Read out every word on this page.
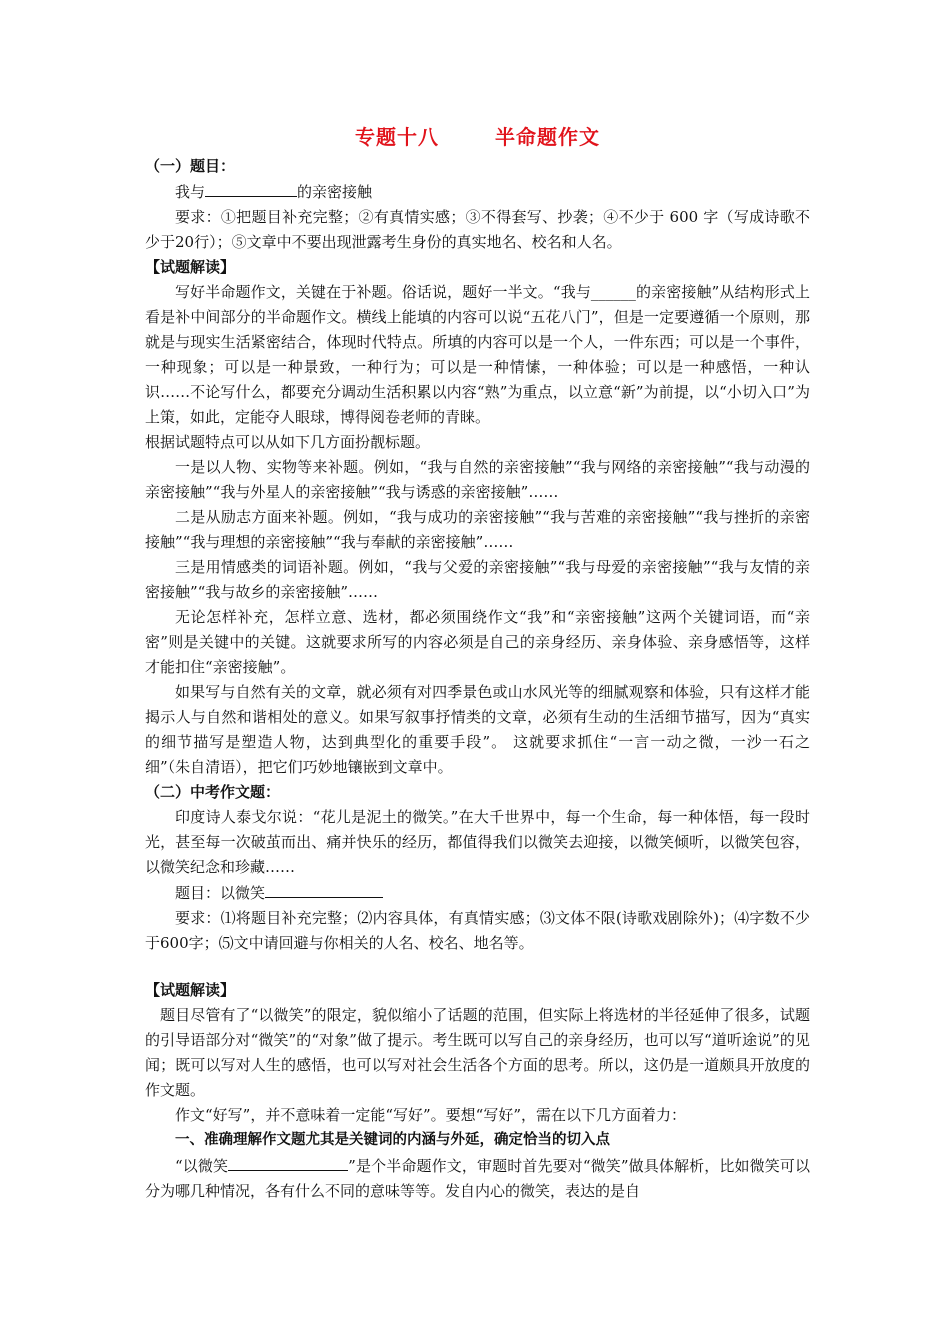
专题十八	半命题作文

（一）题目：

我与	的亲密接触

要求：①把题目补充完整；②有真情实感；③不得套写、抄袭；④不少于 600 字（写成诗歌不少于20行）；⑤文章中不要出现泄露考生身份的真实地名、校名和人名。

【试题解读】

写好半命题作文，关键在于补题。俗话说，题好一半文。“我与______的亲密接触”从结构形式上看是补中间部分的半命题作文。横线上能填的内容可以说“五花八门”，但是一定要遵循一个原则，那就是与现实生活紧密结合，体现时代特点。所填的内容可以是一个人，一件东西；可以是一个事件，一种现象；可以是一种景致，一种行为；可以是一种情愫，一种体验；可以是一种感悟，一种认识……不论写什么，都要充分调动生活积累以内容“熟”为重点，以立意“新”为前提，以“小切入口”为上策，如此，定能夺人眼球，博得阅卷老师的青睐。

根据试题特点可以从如下几方面扮靓标题。

一是以人物、实物等来补题。例如，“我与自然的亲密接触”“我与网络的亲密接触”“我与动漫的亲密接触”“我与外星人的亲密接触”“我与诱惑的亲密接触”……

二是从励志方面来补题。例如，“我与成功的亲密接触”“我与苦难的亲密接触”“我与挫折的亲密接触”“我与理想的亲密接触”“我与奉献的亲密接触”……

三是用情感类的词语补题。例如，“我与父爱的亲密接触”“我与母爱的亲密接触”“我与友情的亲密接触”“我与故乡的亲密接触”……

无论怎样补充，怎样立意、选材，都必须围绕作文“我”和“亲密接触”这两个关键词语，而“亲密”则是关键中的关键。这就要求所写的内容必须是自己的亲身经历、亲身体验、亲身感悟等，这样才能扣住“亲密接触”。

如果写与自然有关的文章，就必须有对四季景色或山水风光等的细腻观察和体验，只有这样才能揭示人与自然和谐相处的意义。如果写叙事抒情类的文章，必须有生动的生活细节描写，因为“真实的细节描写是塑造人物，达到典型化的重要手段”。 这就要求抓住“一言一动之微，一沙一石之细”（朱自清语），把它们巧妙地镶嵌到文章中。

（二）中考作文题：

印度诗人泰戈尔说：“花儿是泥土的微笑。”在大千世界中，每一个生命，每一种体悟，每一段时光，甚至每一次破茧而出、痛并快乐的经历，都值得我们以微笑去迎接，以微笑倾听，以微笑包容，以微笑纪念和珍藏……

题目：以微笑

要求：⑴将题目补充完整；⑵内容具体，有真情实感；⑶文体不限(诗歌戏剧除外)；⑷字数不少于600字；⑸文中请回避与你相关的人名、校名、地名等。

【试题解读】

题目尽管有了“以微笑”的限定，貌似缩小了话题的范围，但实际上将选材的半径延伸了很多，试题的引导语部分对“微笑”的“对象”做了提示。考生既可以写自己的亲身经历，也可以写“道听途说”的见闻；既可以写对人生的感悟，也可以写对社会生活各个方面的思考。所以，这仍是一道颇具开放度的作文题。

作文“好写”，并不意味着一定能“写好”。要想“写好”，需在以下几方面着力：

一、准确理解作文题尤其是关键词的内涵与外延，确定恰当的切入点

“以微笑	”是个半命题作文，审题时首先要对“微笑”做具体解析，比如微笑可以分为哪几种情况，各有什么不同的意味等等。发自内心的微笑，表达的是自
